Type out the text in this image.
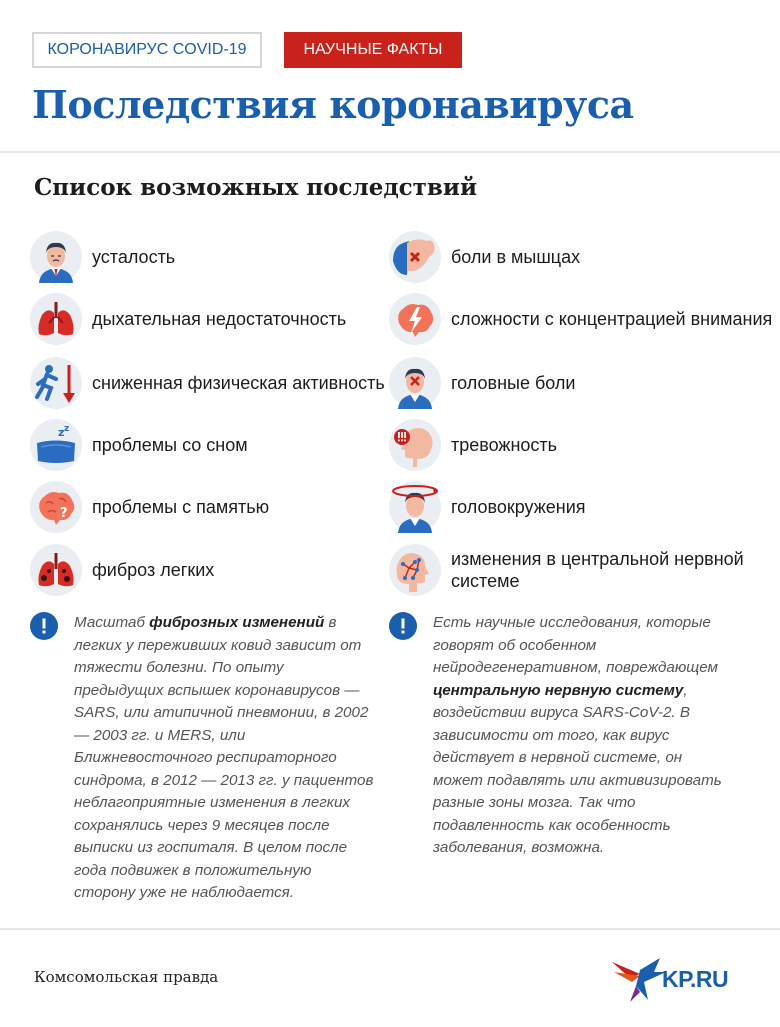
КОРОНАВИРУС COVID-19	НАУЧНЫЕ ФАКТЫ
Последствия коронавируса
Список возможных последствий
усталость
дыхательная недостаточность
сниженная физическая активность
z z
проблемы со сном
? проблемы с памятью
фиброз легких
боли в мышцах
сложности с концентрацией внимания
головные боли
тревожность
головокружения
изменения в центральной нервной системе

Масштаб фиброзных изменений в легких у переживших ковид зависит от тяжести болезни. По опыту предыдущих вспышек коронавирусов — SARS, или атипичной пневмонии, в 2002 — 2003 гг. и MERS, или Ближневосточного респираторного синдрома, в 2012 — 2013 гг. у пациентов неблагоприятные изменения в легких сохранялись через 9 месяцев после выписки из госпиталя. В целом после года подвижек в положительную сторону уже не наблюдается.

Есть научные исследования, которые говорят об особенном нейродегенеративном, повреждающем центральную нервную систему, воздействии вируса SARS-CoV-2. В зависимости от того, как вирус действует в нервной системе, он может подавлять или активизировать разные зоны мозга. Так что подавленность как особенность заболевания, возможна.

Комсомольская правда	KP.RU
